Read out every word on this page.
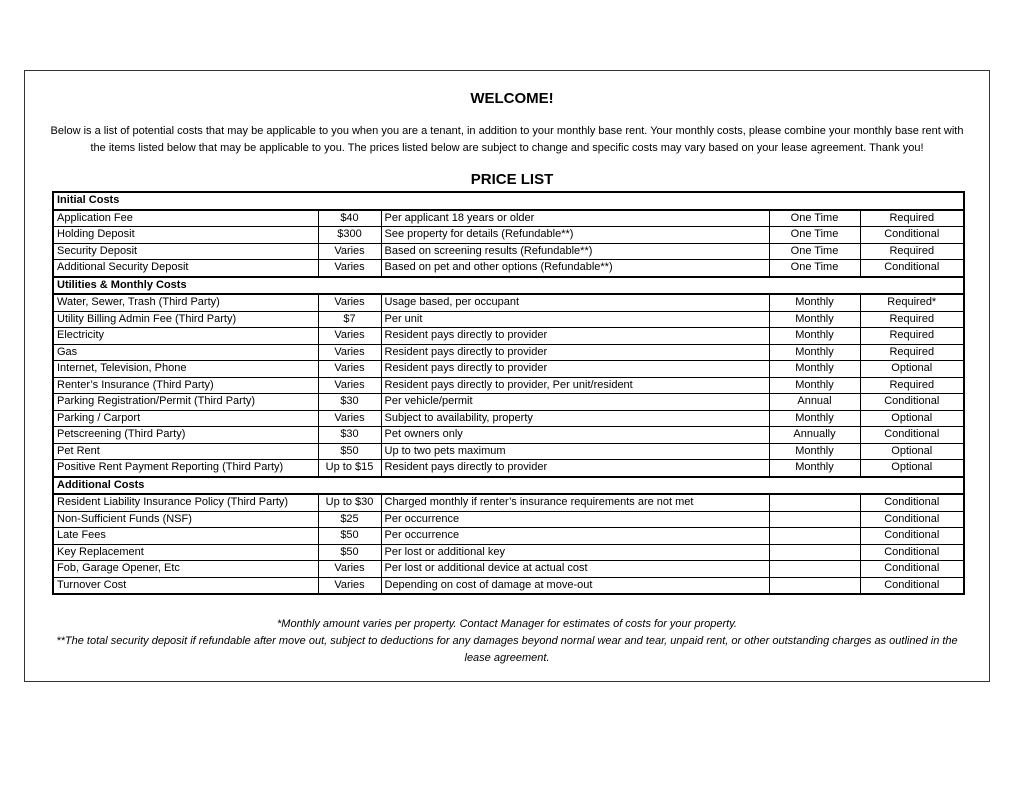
WELCOME!
Below is a list of potential costs that may be applicable to you when you are a tenant, in addition to your monthly base rent. Your monthly costs, please combine your monthly base rent with the items listed below that may be applicable to you. The prices listed below are subject to change and specific costs may vary based on your lease agreement. Thank you!
PRICE LIST
Initial Costs				
Application Fee	$40	Per applicant 18 years or older	One Time	Required
Holding Deposit	$300	See property for details (Refundable**)	One Time	Conditional
Security Deposit	Varies	Based on screening results (Refundable**)	One Time	Required
Additional Security Deposit	Varies	Based on pet and other options (Refundable**)	One Time	Conditional
Utilities & Monthly Costs				
Water, Sewer, Trash (Third Party)	Varies	Usage based, per occupant	Monthly	Required*
Utility Billing Admin Fee (Third Party)	$7	Per unit	Monthly	Required
Electricity	Varies	Resident pays directly to provider	Monthly	Required
Gas	Varies	Resident pays directly to provider	Monthly	Required
Internet, Television, Phone	Varies	Resident pays directly to provider	Monthly	Optional
Renter’s Insurance (Third Party)	Varies	Resident pays directly to provider, Per unit/resident	Monthly	Required
Parking Registration/Permit (Third Party)	$30	Per vehicle/permit	Annual	Conditional
Parking / Carport	Varies	Subject to availability, property	Monthly	Optional
Petscreening (Third Party)	$30	Pet owners only	Annually	Conditional
Pet Rent	$50	Up to two pets maximum	Monthly	Optional
Positive Rent Payment Reporting (Third Party)	Up to $15	Resident pays directly to provider	Monthly	Optional
Additional Costs				
Resident Liability Insurance Policy (Third Party)	Up to $30	Charged monthly if renter’s insurance requirements are not met		Conditional
Non-Sufficient Funds (NSF)	$25	Per occurrence		Conditional
Late Fees	$50	Per occurrence		Conditional
Key Replacement	$50	Per lost or additional key		Conditional
Fob, Garage Opener, Etc	Varies	Per lost or additional device at actual cost		Conditional
Turnover Cost	Varies	Depending on cost of damage at move-out		Conditional
*Monthly amount varies per property. Contact Manager for estimates of costs for your property.
**The total security deposit if refundable after move out, subject to deductions for any damages beyond normal wear and tear, unpaid rent, or other outstanding charges as outlined in the lease agreement.
